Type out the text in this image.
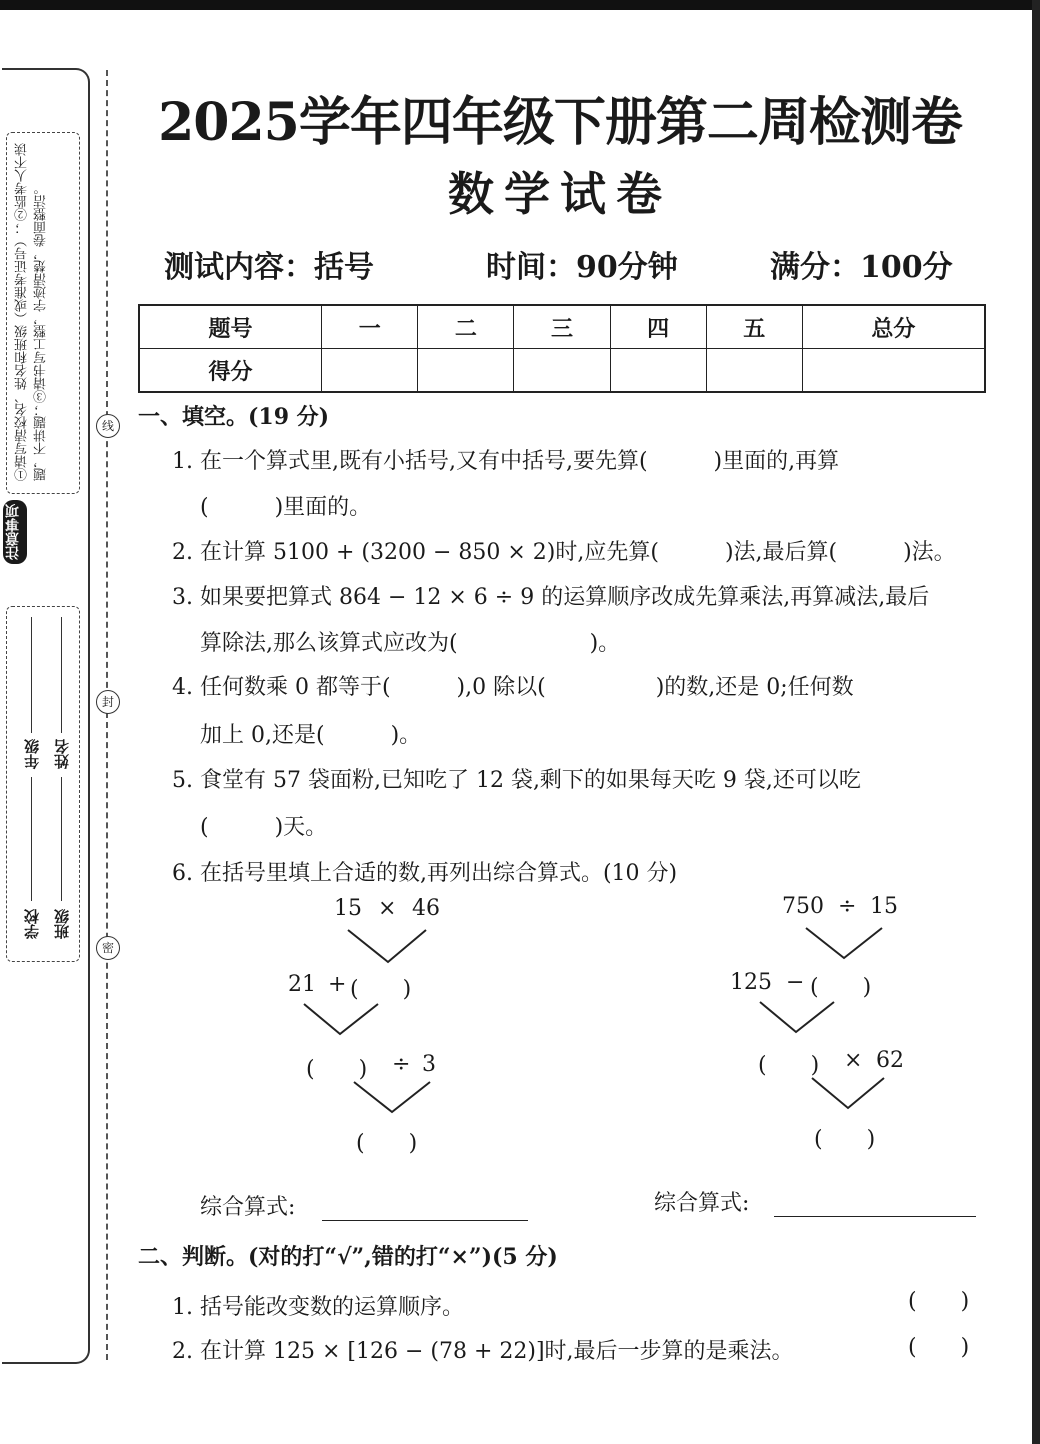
线
封
密
①请写清校名、姓名和班级（或准考证号）；②监考人不读题，不讲题；③请书写工整，字迹清楚，卷面整洁。
注意事项
学校
年级
班级
姓名
2025学年四年级下册第二周检测卷
数学试卷
测试内容：括号	时间：90分钟	满分：100分
题号	一	二	三	四	五	总分
得分						
一、填空。(19 分)
1. 在一个算式里,既有小括号,又有中括号,要先算(　　　)里面的,再算
(　　　)里面的。
2. 在计算 5100 + (3200 − 850 × 2)时,应先算(　　　)法,最后算(　　　)法。
3. 如果要把算式 864 − 12 × 6 ÷ 9 的运算顺序改成先算乘法,再算减法,最后
算除法,那么该算式应改为(　　　　　　)。
4. 任何数乘 0 都等于(　　　),0 除以(　　　　　)的数,还是 0;任何数
加上 0,还是(　　　)。
5. 食堂有 57 袋面粉,已知吃了 12 袋,剩下的如果每天吃 9 袋,还可以吃
(　　　)天。
6. 在括号里填上合适的数,再列出综合算式。(10 分)
15 × 46
21 + (　　)
(　　) ÷ 3
(　　)
750 ÷ 15
125 − (　　)
(　　) × 62
(　　)
综合算式:	综合算式:
二、判断。(对的打“√”,错的打“×”)(5 分)
1. 括号能改变数的运算顺序。	(　　)
2. 在计算 125 × [126 − (78 + 22)]时,最后一步算的是乘法。	(　　)
